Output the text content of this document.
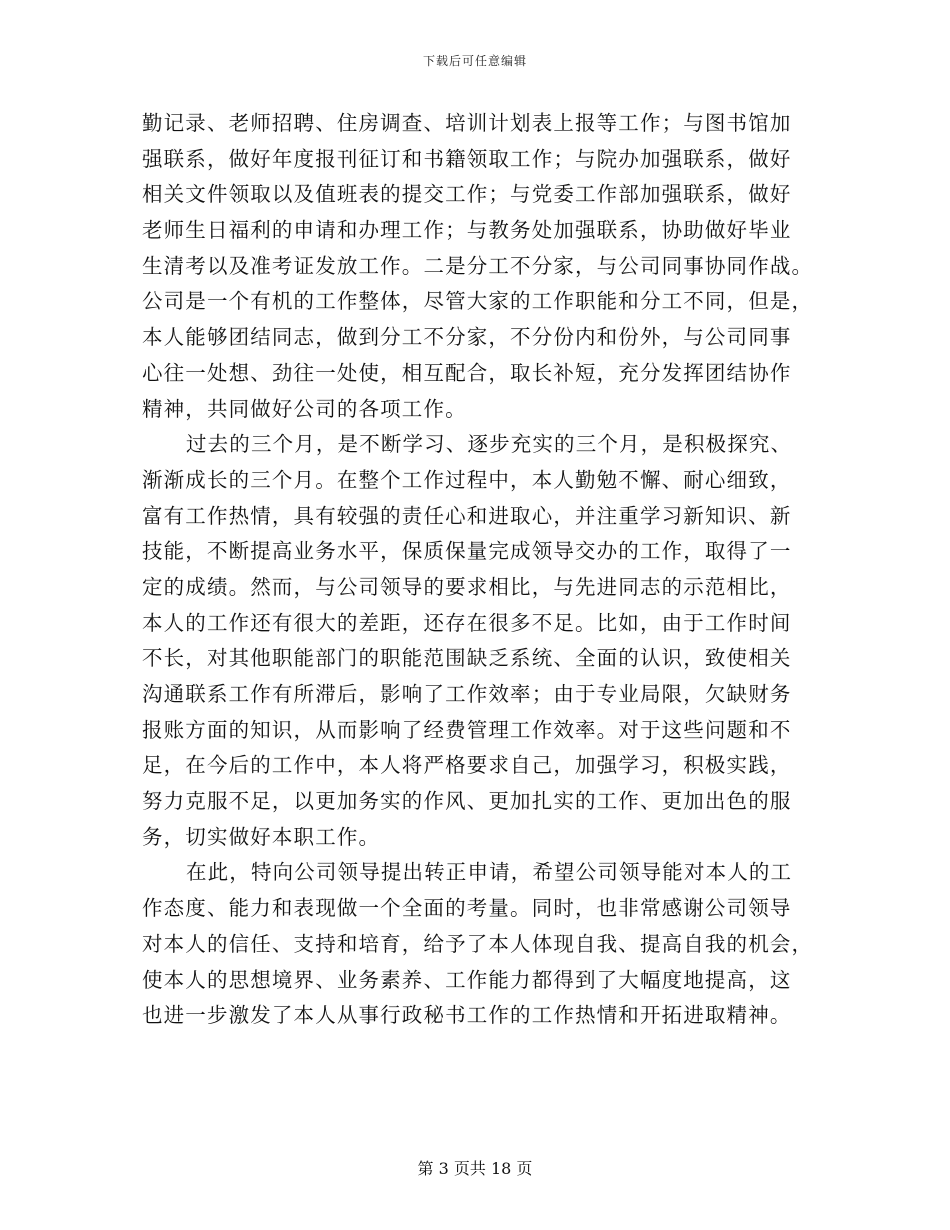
下载后可任意编辑

勤记录、老师招聘、住房调查、培训计划表上报等工作；与图书馆加
强联系，做好年度报刊征订和书籍领取工作；与院办加强联系，做好
相关文件领取以及值班表的提交工作；与党委工作部加强联系，做好
老师生日福利的申请和办理工作；与教务处加强联系，协助做好毕业
生清考以及准考证发放工作。二是分工不分家，与公司同事协同作战。
公司是一个有机的工作整体，尽管大家的工作职能和分工不同，但是，
本人能够团结同志，做到分工不分家，不分份内和份外，与公司同事
心往一处想、劲往一处使，相互配合，取长补短，充分发挥团结协作
精神，共同做好公司的各项工作。

过去的三个月，是不断学习、逐步充实的三个月，是积极探究、
渐渐成长的三个月。在整个工作过程中，本人勤勉不懈、耐心细致，
富有工作热情，具有较强的责任心和进取心，并注重学习新知识、新
技能，不断提高业务水平，保质保量完成领导交办的工作，取得了一
定的成绩。然而，与公司领导的要求相比，与先进同志的示范相比，
本人的工作还有很大的差距，还存在很多不足。比如，由于工作时间
不长，对其他职能部门的职能范围缺乏系统、全面的认识，致使相关
沟通联系工作有所滞后，影响了工作效率；由于专业局限，欠缺财务
报账方面的知识，从而影响了经费管理工作效率。对于这些问题和不
足，在今后的工作中，本人将严格要求自己，加强学习，积极实践，
努力克服不足，以更加务实的作风、更加扎实的工作、更加出色的服
务，切实做好本职工作。

在此，特向公司领导提出转正申请，希望公司领导能对本人的工
作态度、能力和表现做一个全面的考量。同时，也非常感谢公司领导
对本人的信任、支持和培育，给予了本人体现自我、提高自我的机会，
使本人的思想境界、业务素养、工作能力都得到了大幅度地提高，这
也进一步激发了本人从事行政秘书工作的工作热情和开拓进取精神。

第 3 页共 18 页
